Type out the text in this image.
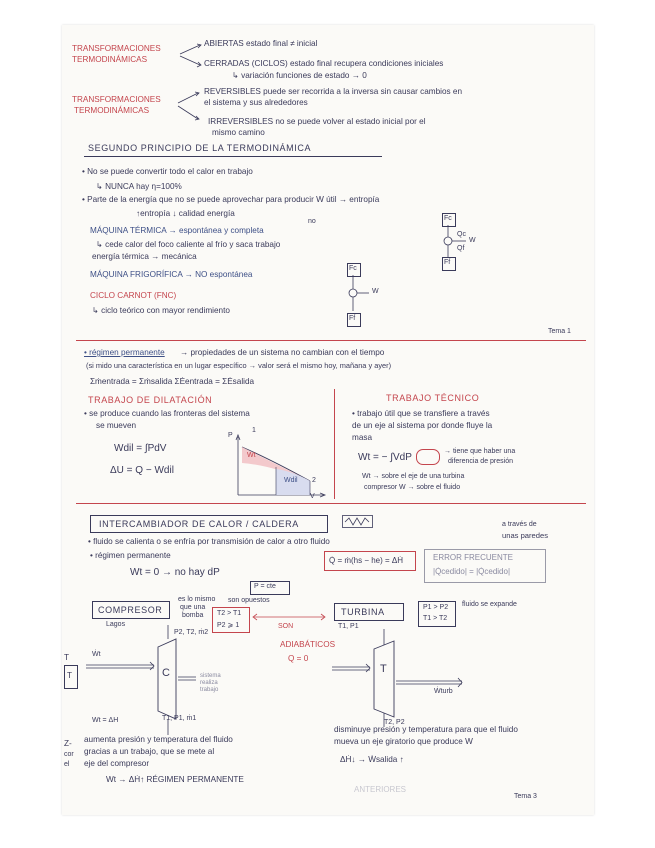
TRANSFORMACIONES
TERMODINÁMICAS
ABIERTAS estado final ≠ inicial
CERRADAS (CICLOS) estado final recupera condiciones iniciales
↳ variación funciones de estado → 0
TRANSFORMACIONES
TERMODINÁMICAS
REVERSIBLES puede ser recorrida a la inversa sin causar cambios en
el sistema y sus alrededores
IRREVERSIBLES no se puede volver al estado inicial por el
mismo camino
SEGUNDO PRINCIPIO DE LA TERMODINÁMICA
• No se puede convertir todo el calor en trabajo
↳ NUNCA hay η=100%
• Parte de la energía que no se puede aprovechar para producir W útil → entropía
↑entropía ↓ calidad energía
MÁQUINA TÉRMICA → espontánea y completa
no
↳ cede calor del foco caliente al frío y saca trabajo
energía térmica → mecánica
MÁQUINA FRIGORÍFICA → NO espontánea
CICLO CARNOT (FNC)
↳ ciclo teórico con mayor rendimiento
Fc
Qc
W
Qf
Ff
Fc
W
Ff
Tema 1
• régimen permanente → propiedades de un sistema no cambian con el tiempo
(si mido una característica en un lugar específico → valor será el mismo hoy, mañana y ayer)
Σṁentrada = Σṁsalida ΣĖentrada = ΣĖsalida
TRABAJO DE DILATACIÓN
• se produce cuando las fronteras del sistema
se mueven
Wdil = ∫PdV
ΔU = Q − Wdil
P
V
1
2
Wt
Wdil
TRABAJO TÉCNICO
• trabajo útil que se transfiere a través
de un eje al sistema por donde fluye la
masa
Wt = − ∫VdP
→ tiene que haber una
diferencia de presión
Wt → sobre el eje de una turbina
compresor W → sobre el fluido
INTERCAMBIADOR DE CALOR / CALDERA	a través de
• fluido se calienta o se enfría por transmisión de calor a otro fluido
unas paredes
• régimen permanente
Wt = 0 → no hay dP
P = cte
Q̇ = ṁ(hs − he) = ΔḢ	ERROR FRECUENTE
|Q̇cedido| = |Q̇cedido|
COMPRESOR
Lagos
es lo mismo
que una
bomba
son opuestos
T2 > T1
P2 ⩾ 1	SON
TURBINA
T1, P1
P1 > P2
T1 > T2
fluido se expande
ADIABÁTICOS
Q = 0
T
T
Ẇt
C
P2, T2, ṁ2
T1, P1, ṁ1
sistema
realiza
trabajo
Wt = ΔH
T
T2, P2
Ẇturb
Z-
cor
el
aumenta presión y temperatura del fluido
gracias a un trabajo, que se mete al
eje del compresor
Wt → ΔḢ↑ RÉGIMEN PERMANENTE
disminuye presión y temperatura para que el fluido
mueva un eje giratorio que produce W
ΔḢ↓ → Ẇsalida ↑
ANTERIORES
Tema 3
